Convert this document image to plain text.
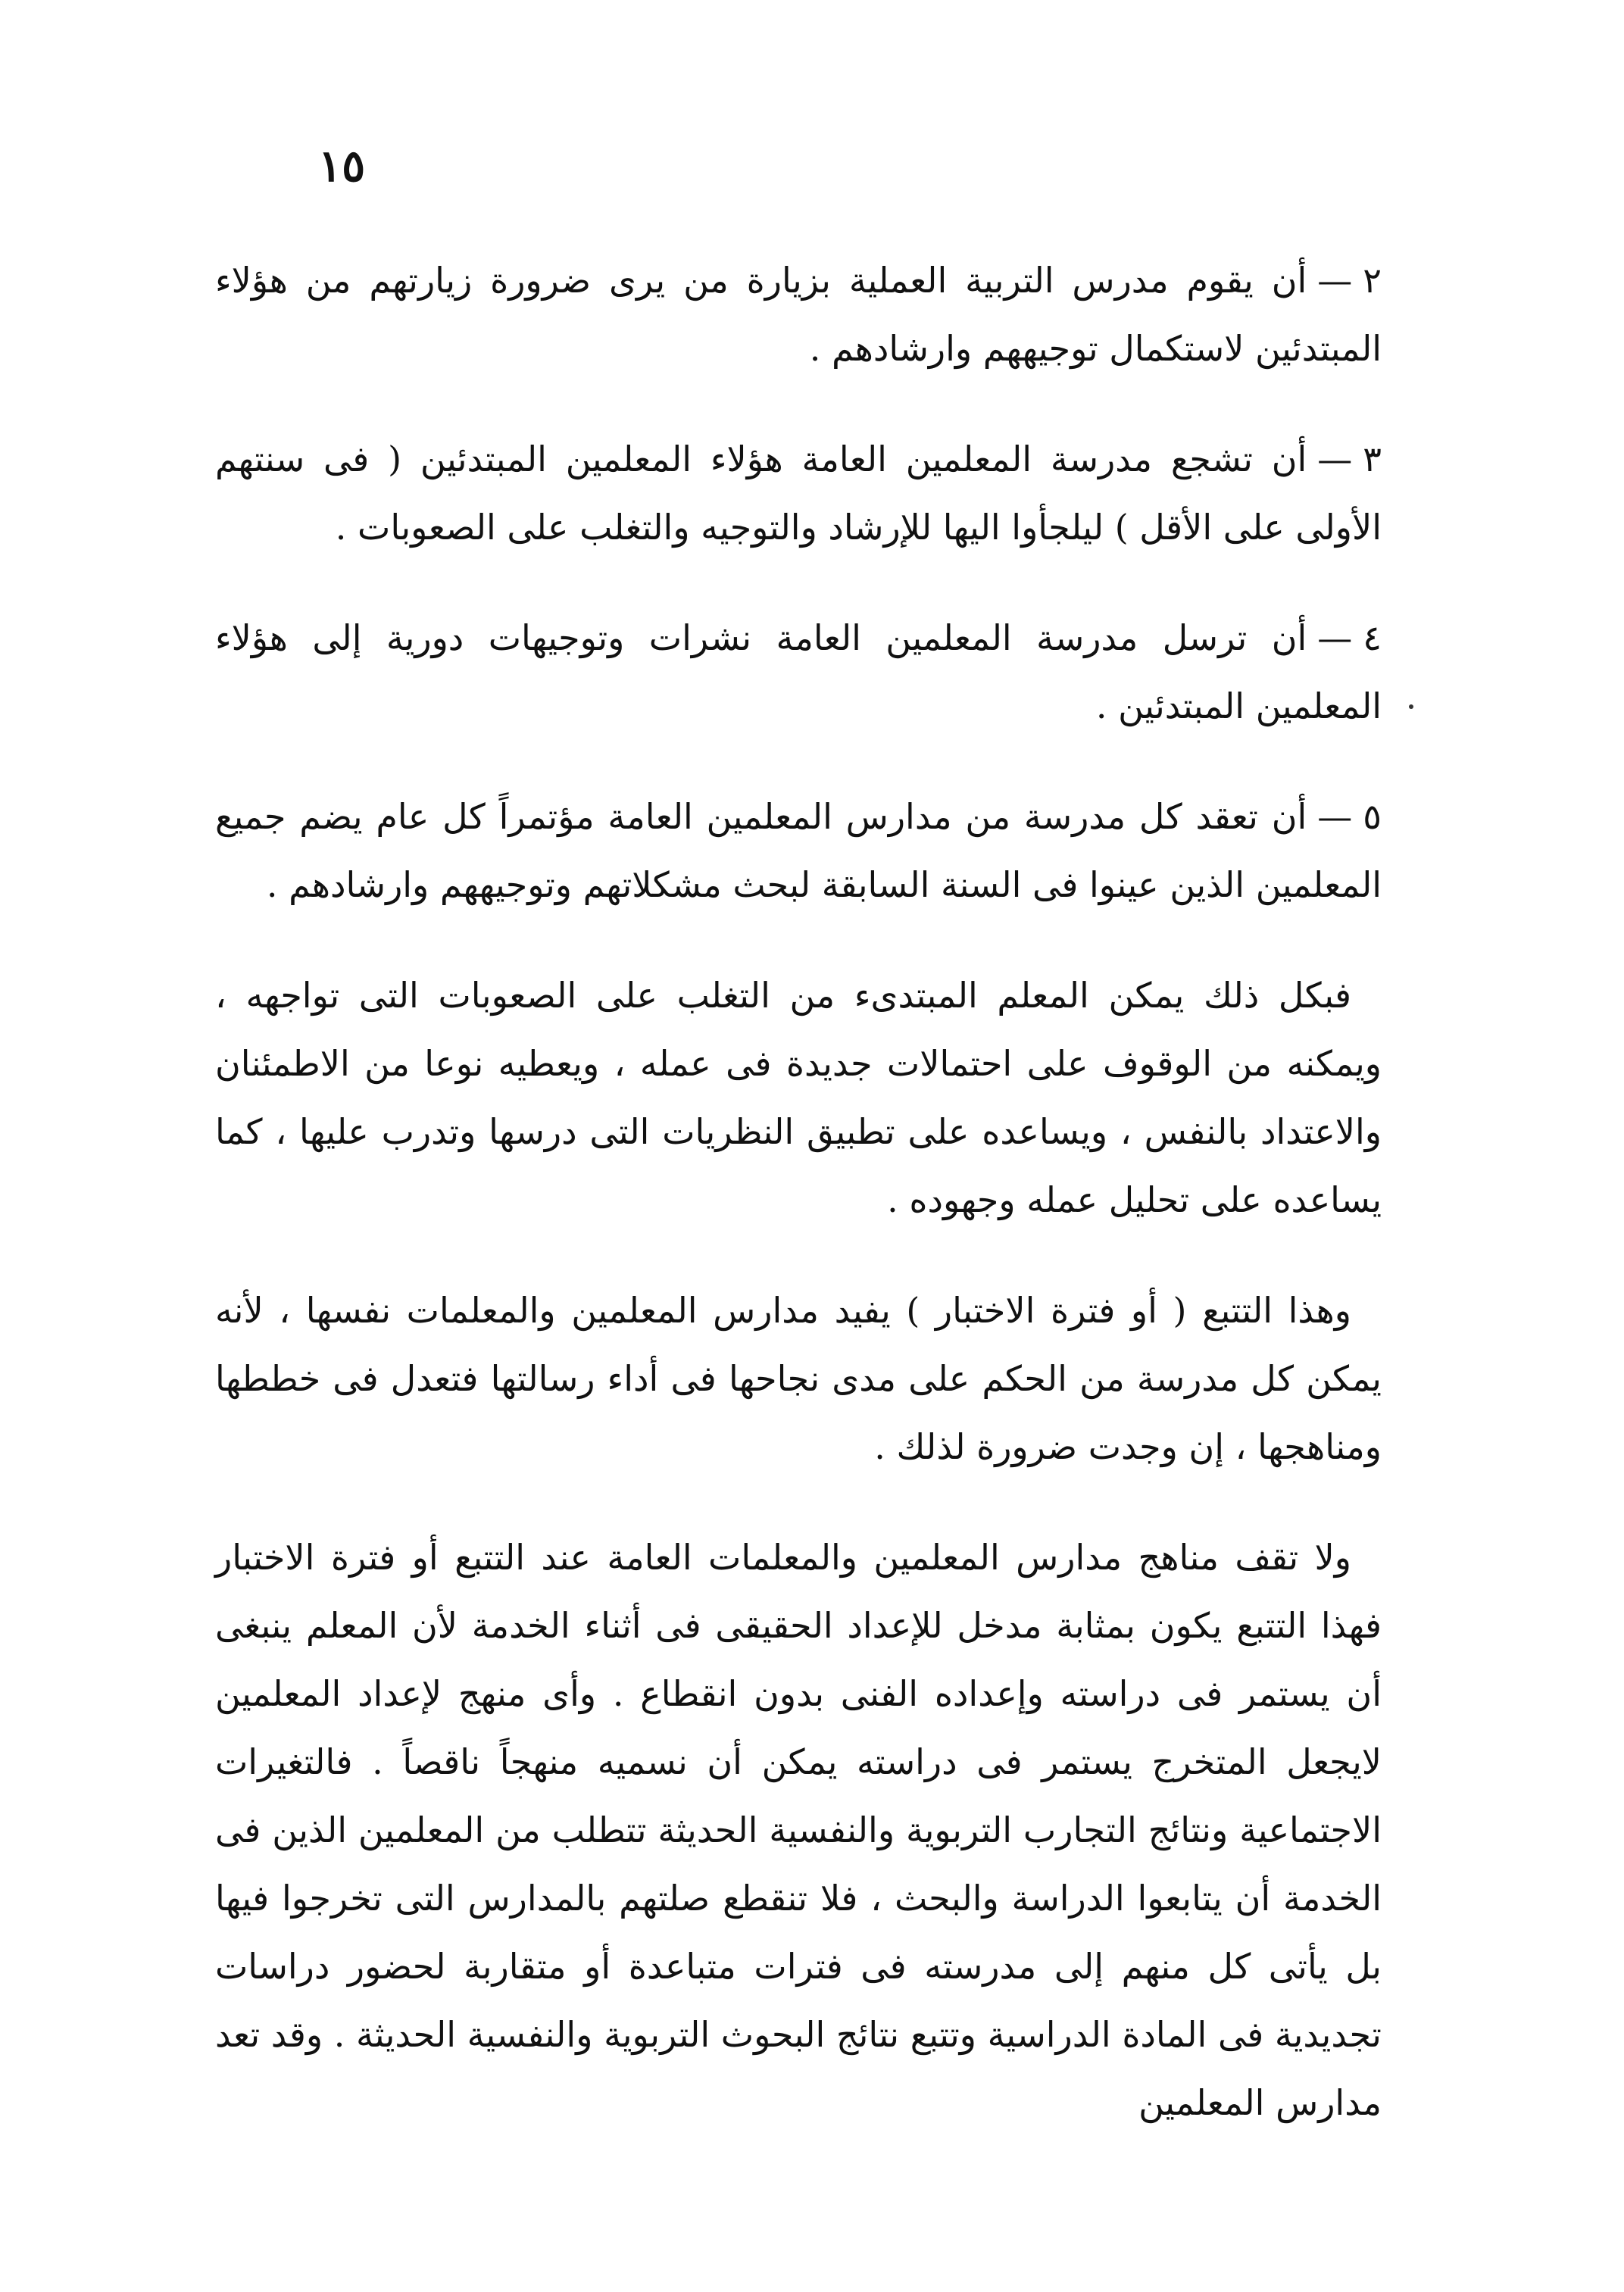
١٥

٢—أن يقوم مدرس التربية العملية بزيارة من يرى ضرورة زيارتهم من هؤلاء المبتدئين لاستكمال توجيههم وارشادهم .

٣—أن تشجع مدرسة المعلمين العامة هؤلاء المعلمين المبتدئين ( فى سنتهم الأولى على الأقل ) ليلجأوا اليها للإرشاد والتوجيه والتغلب على الصعوبات .

٤—أن ترسل مدرسة المعلمين العامة نشرات وتوجيهات دورية إلى هؤلاء المعلمين المبتدئين .

٥—أن تعقد كل مدرسة من مدارس المعلمين العامة مؤتمراً كل عام يضم جميع المعلمين الذين عينوا فى السنة السابقة لبحث مشكلاتهم وتوجيههم وارشادهم .

فبكل ذلك يمكن المعلم المبتدىء من التغلب على الصعوبات التى تواجهه ، ويمكنه من الوقوف على احتمالات جديدة فى عمله ، ويعطيه نوعا من الاطمئنان والاعتداد بالنفس ، ويساعده على تطبيق النظريات التى درسها وتدرب عليها ، كما يساعده على تحليل عمله وجهوده .

وهذا التتبع ( أو فترة الاختبار ) يفيد مدارس المعلمين والمعلمات نفسها ، لأنه يمكن كل مدرسة من الحكم على مدى نجاحها فى أداء رسالتها فتعدل فى خططها ومناهجها ، إن وجدت ضرورة لذلك .

ولا تقف مناهج مدارس المعلمين والمعلمات العامة عند التتبع أو فترة الاختبار فهذا التتبع يكون بمثابة مدخل للإعداد الحقيقى فى أثناء الخدمة لأن المعلم ينبغى أن يستمر فى دراسته وإعداده الفنى بدون انقطاع . وأى منهج لإعداد المعلمين لايجعل المتخرج يستمر فى دراسته يمكن أن نسميه منهجاً ناقصاً . فالتغيرات الاجتماعية ونتائج التجارب التربوية والنفسية الحديثة تتطلب من المعلمين الذين فى الخدمة أن يتابعوا الدراسة والبحث ، فلا تنقطع صلتهم بالمدارس التى تخرجوا فيها بل يأتى كل منهم إلى مدرسته فى فترات متباعدة أو متقاربة لحضور دراسات تجديدية فى المادة الدراسية وتتبع نتائج البحوث التربوية والنفسية الحديثة . وقد تعد مدارس المعلمين
